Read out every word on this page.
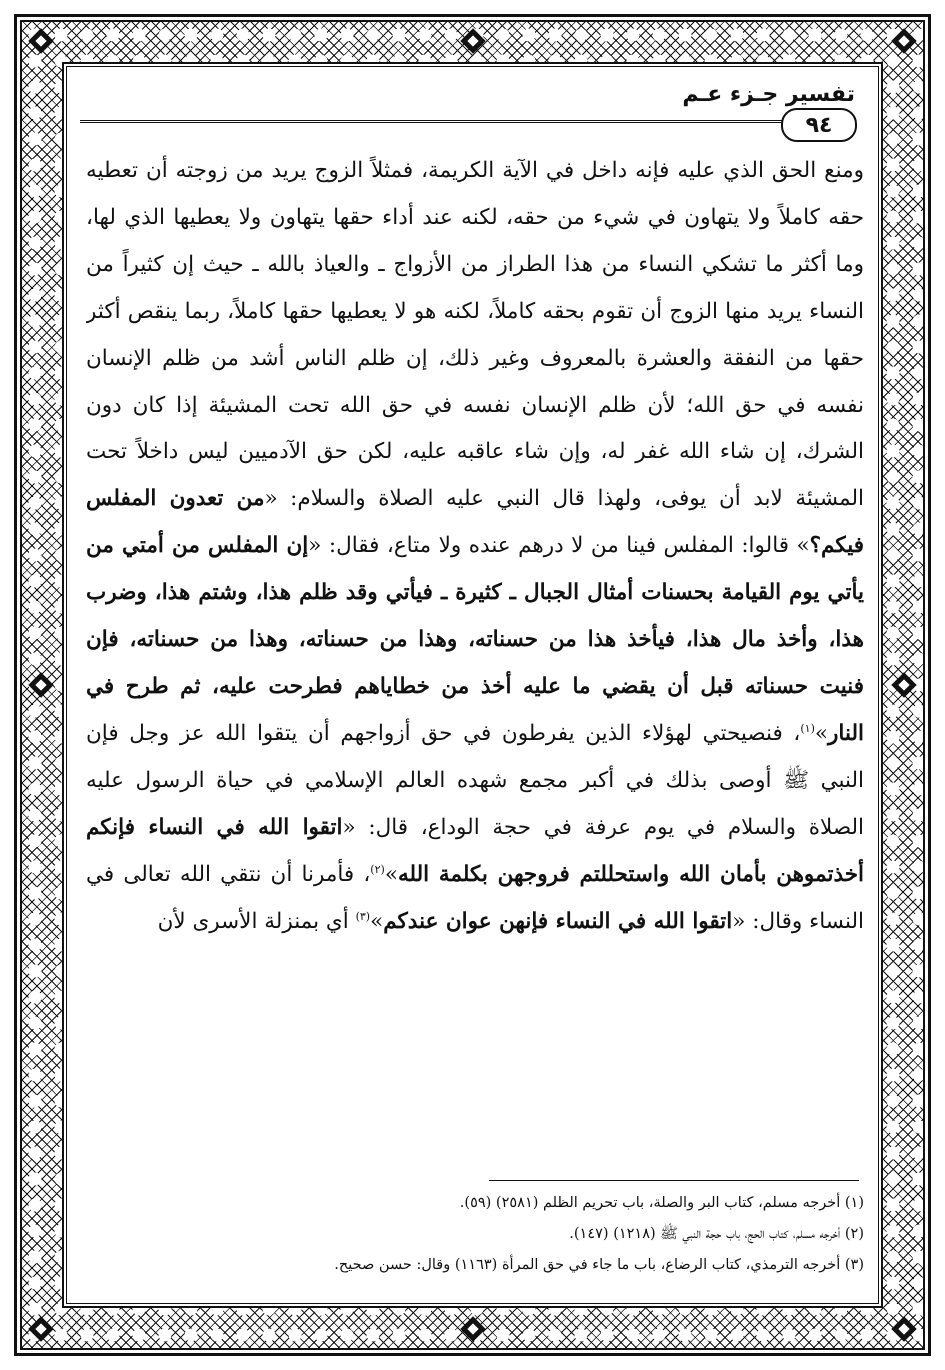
تفسير جـزء عـم
٩٤

ومنع الحق الذي عليه فإنه داخل في الآية الكريمة، فمثلاً الزوج يريد من زوجته أن تعطيه حقه كاملاً ولا يتهاون في شيء من حقه، لكنه عند أداء حقها يتهاون ولا يعطيها الذي لها، وما أكثر ما تشكي النساء من هذا الطراز من الأزواج ـ والعياذ بالله ـ حيث إن كثيراً من النساء يريد منها الزوج أن تقوم بحقه كاملاً، لكنه هو لا يعطيها حقها كاملاً، ربما ينقص أكثر حقها من النفقة والعشرة بالمعروف وغير ذلك، إن ظلم الناس أشد من ظلم الإنسان نفسه في حق الله؛ لأن ظلم الإنسان نفسه في حق الله تحت المشيئة إذا كان دون الشرك، إن شاء الله غفر له، وإن شاء عاقبه عليه، لكن حق الآدميين ليس داخلاً تحت المشيئة لابد أن يوفى، ولهذا قال النبي عليه الصلاة والسلام: «من تعدون المفلس فيكم؟» قالوا: المفلس فينا من لا درهم عنده ولا متاع، فقال: «إن المفلس من أمتي من يأتي يوم القيامة بحسنات أمثال الجبال ـ كثيرة ـ فيأتي وقد ظلم هذا، وشتم هذا، وضرب هذا، وأخذ مال هذا، فيأخذ هذا من حسناته، وهذا من حسناته، وهذا من حسناته، فإن فنيت حسناته قبل أن يقضي ما عليه أخذ من خطاياهم فطرحت عليه، ثم طرح في النار»$^{(١)}$، فنصيحتي لهؤلاء الذين يفرطون في حق أزواجهم أن يتقوا الله عز وجل فإن النبي ﷺ أوصى بذلك في أكبر مجمع شهده العالم الإسلامي في حياة الرسول عليه الصلاة والسلام في يوم عرفة في حجة الوداع، قال: «اتقوا الله في النساء فإنكم أخذتموهن بأمان الله واستحللتم فروجهن بكلمة الله»$^{(٢)}$، فأمرنا أن نتقي الله تعالى في النساء وقال: «اتقوا الله في النساء فإنهن عوان عندكم»$^{(٣)}$ أي بمنزلة الأسرى لأن

(١) أخرجه مسلم، كتاب البر والصلة، باب تحريم الظلم (٢٥٨١) (٥٩).
(٢) أخرجه مسلم، كتاب الحج، باب حجة النبي ﷺ (١٢١٨) (١٤٧).
(٣) أخرجه الترمذي، كتاب الرضاع، باب ما جاء في حق المرأة (١١٦٣) وقال: حسن صحيح.
